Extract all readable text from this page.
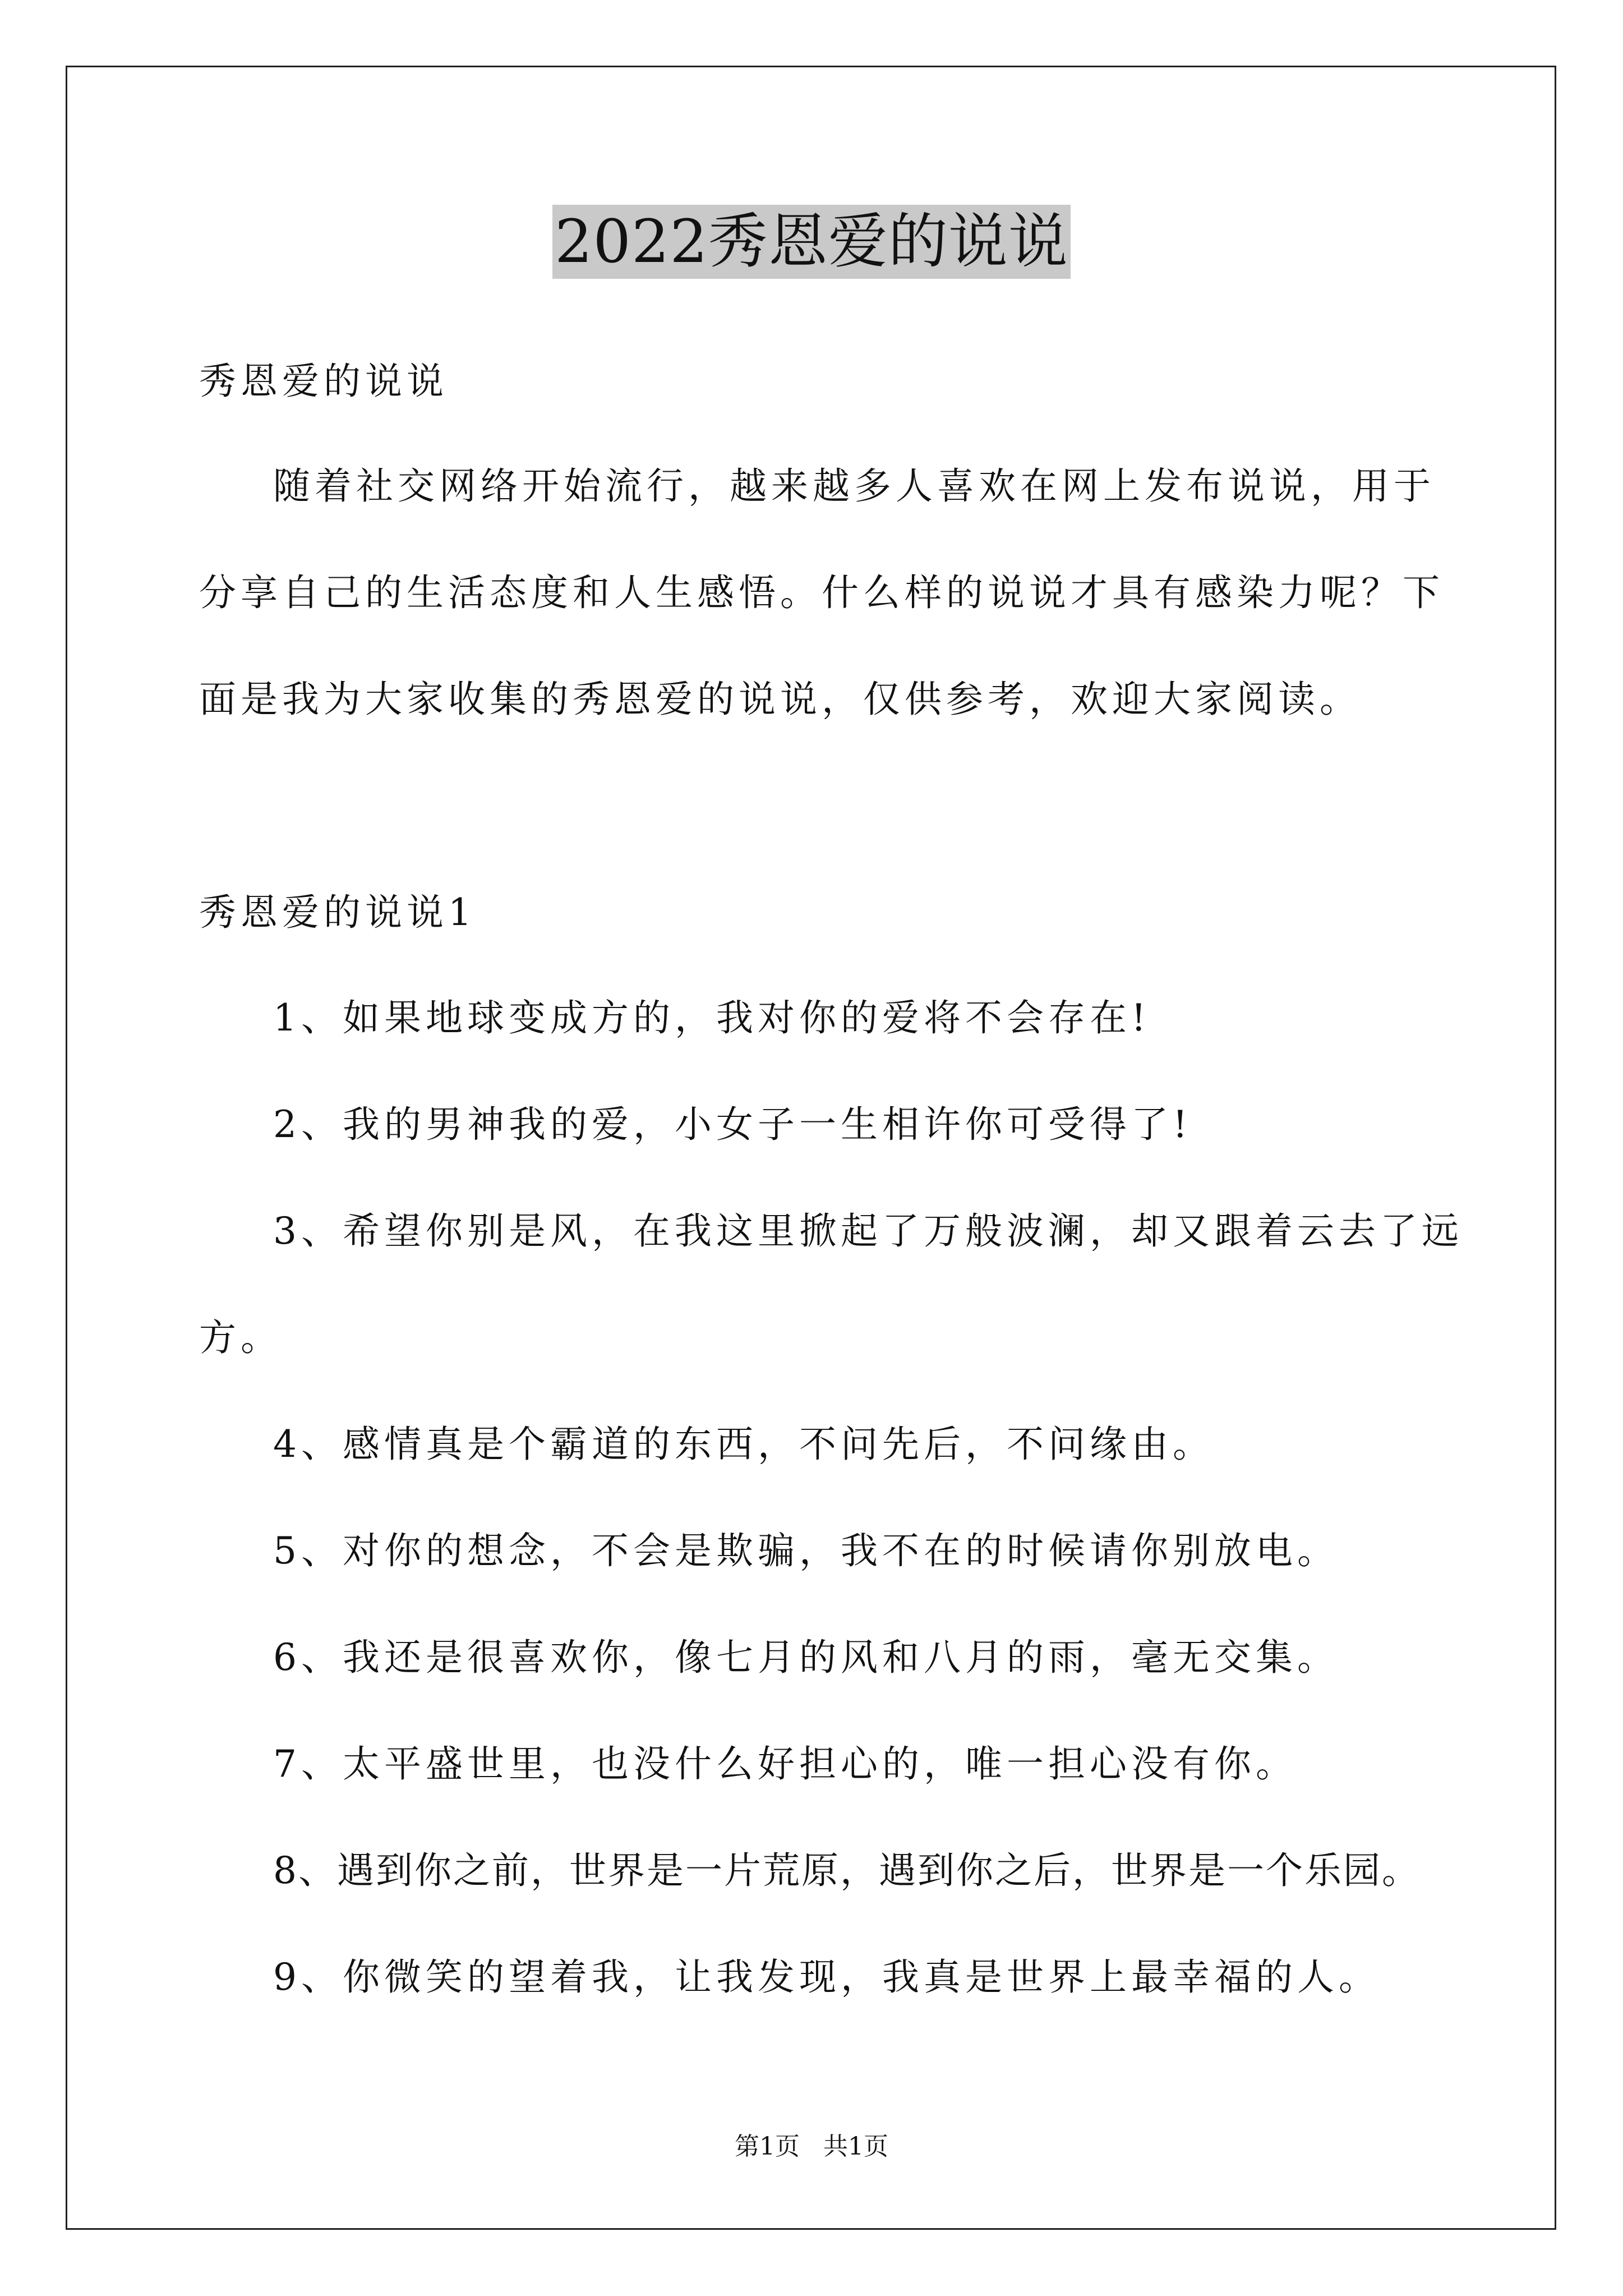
2022秀恩爱的说说
秀恩爱的说说
随着社交网络开始流行，越来越多人喜欢在网上发布说说，用于
分享自己的生活态度和人生感悟。什么样的说说才具有感染力呢？下
面是我为大家收集的秀恩爱的说说，仅供参考，欢迎大家阅读。
秀恩爱的说说1
1、如果地球变成方的，我对你的爱将不会存在!
2、我的男神我的爱，小女子一生相许你可受得了!
3、希望你别是风，在我这里掀起了万般波澜，却又跟着云去了远
方。
4、感情真是个霸道的东西，不问先后，不问缘由。
5、对你的想念，不会是欺骗，我不在的时候请你别放电。
6、我还是很喜欢你，像七月的风和八月的雨，毫无交集。
7、太平盛世里，也没什么好担心的，唯一担心没有你。
8、遇到你之前，世界是一片荒原，遇到你之后，世界是一个乐园。
9、你微笑的望着我，让我发现，我真是世界上最幸福的人。
第1页 共1页
